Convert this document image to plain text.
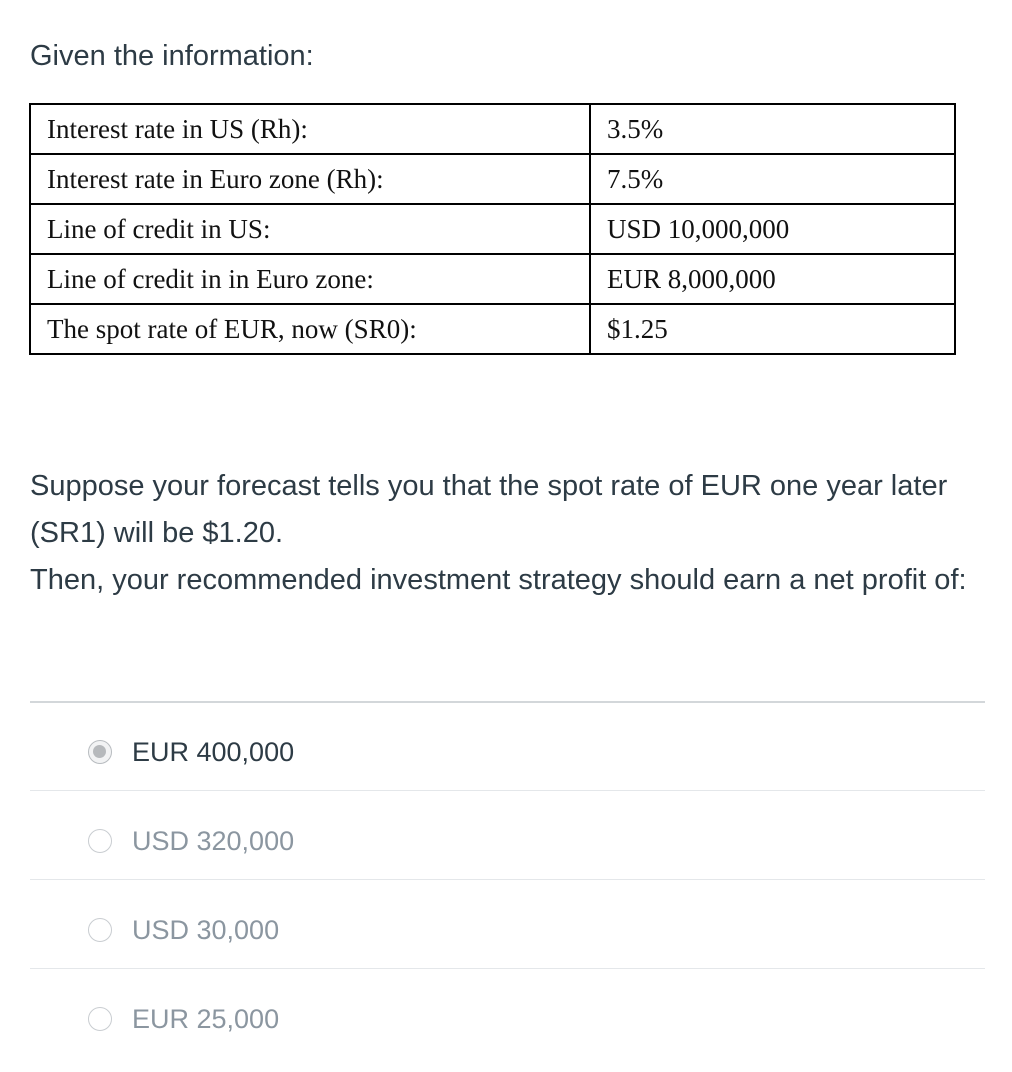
Given the information:
Interest rate in US (Rh):	3.5%
Interest rate in Euro zone (Rh):	7.5%
Line of credit in US:	USD 10,000,000
Line of credit in in Euro zone:	EUR 8,000,000
The spot rate of EUR, now (SR0):	$1.25

Suppose your forecast tells you that the spot rate of EUR one year later (SR1) will be $1.20.

Then, your recommended investment strategy should earn a net profit of:

EUR 400,000
USD 320,000
USD 30,000
EUR 25,000
